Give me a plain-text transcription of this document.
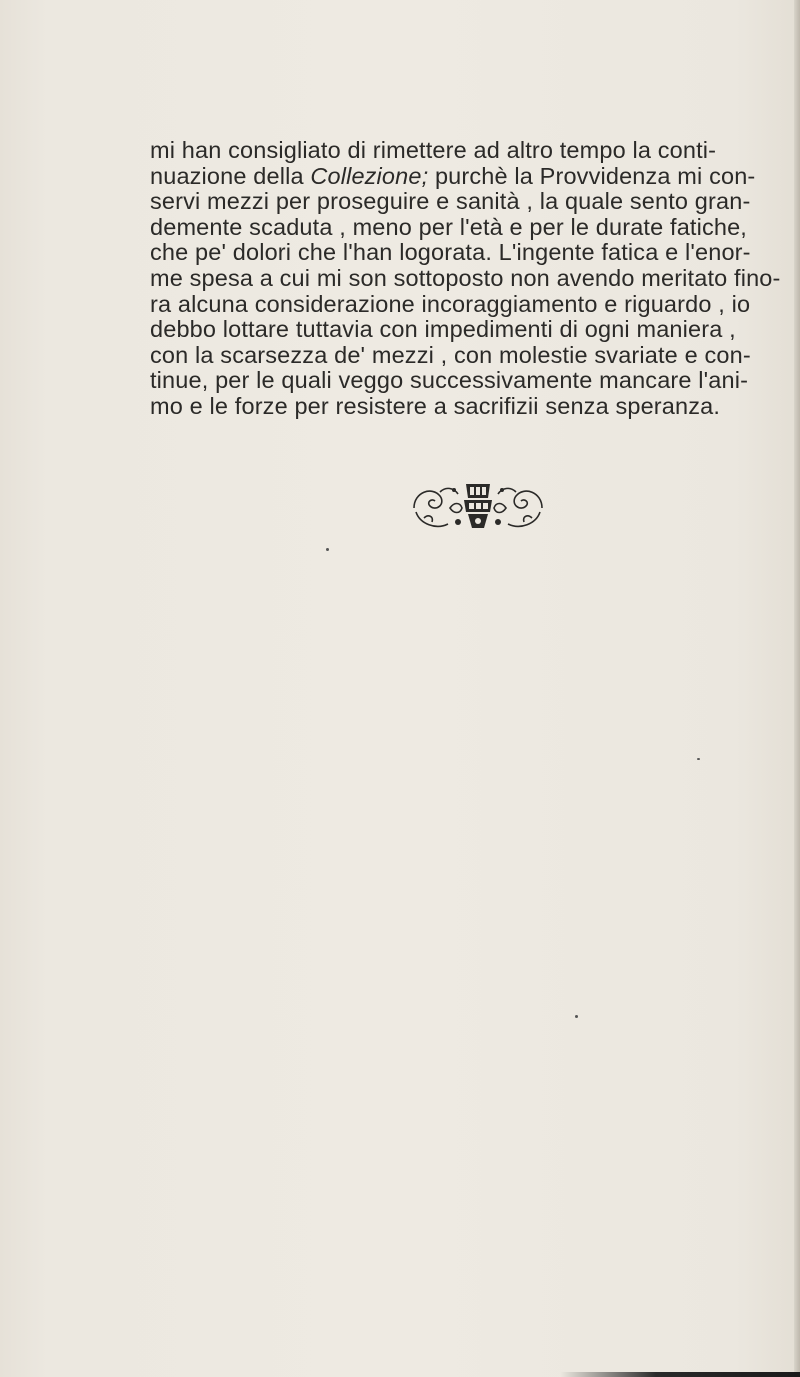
mi han consigliato di rimettere ad altro tempo la conti-
nuazione della Collezione; purchè la Provvidenza mi con-
servi mezzi per proseguire e sanità , la quale sento gran-
demente scaduta , meno per l'età e per le durate fatiche,
che pe' dolori che l'han logorata. L'ingente fatica e l'enor-
me spesa a cui mi son sottoposto non avendo meritato fino-
ra alcuna considerazione incoraggiamento e riguardo , io
debbo lottare tuttavia con impedimenti di ogni maniera ,
con la scarsezza de' mezzi , con molestie svariate e con-
tinue, per le quali veggo successivamente mancare l'ani-
mo e le forze per resistere a sacrifizii senza speranza.
